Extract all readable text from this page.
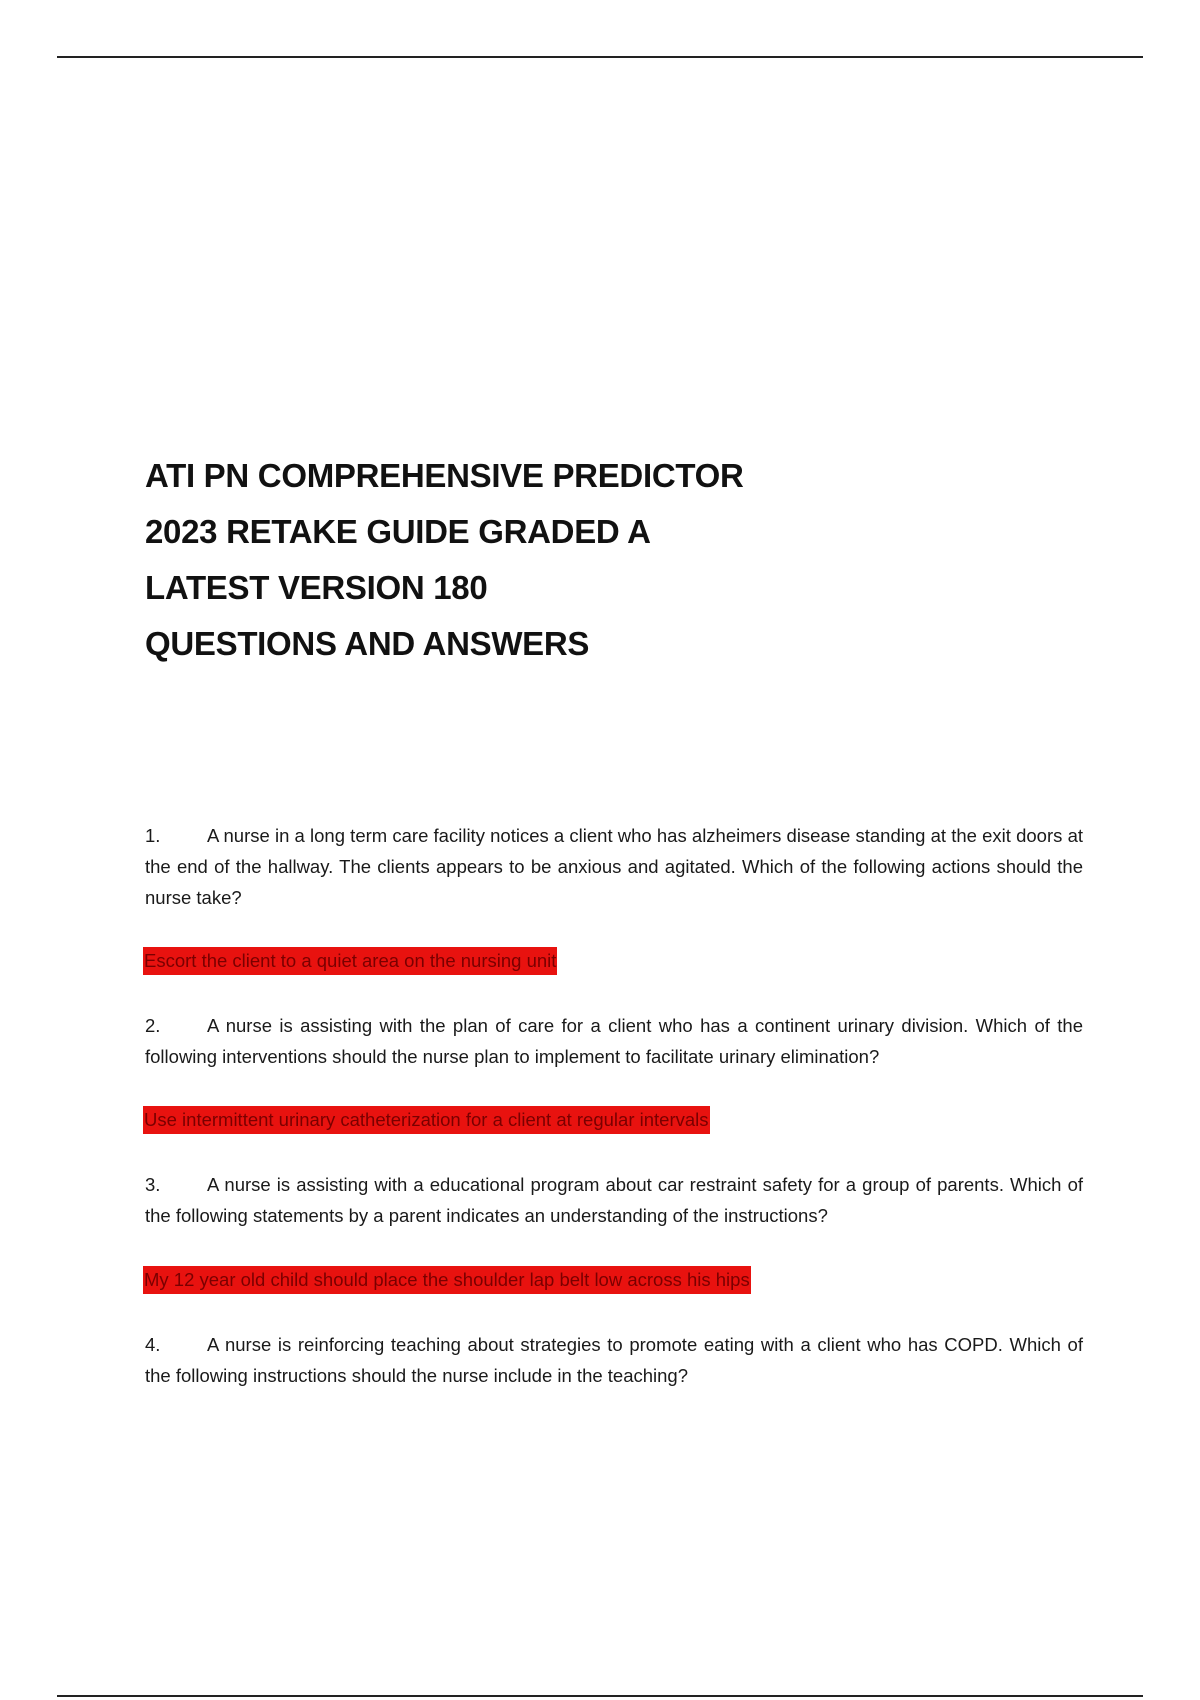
ATI PN COMPREHENSIVE PREDICTOR
2023 RETAKE GUIDE GRADED A
LATEST VERSION 180
QUESTIONS AND ANSWERS
1.	A nurse in a long term care facility notices a client who has alzheimers disease standing at the exit doors at the end of the hallway. The clients appears to be anxious and agitated. Which of the following actions should the nurse take?
Escort the client to a quiet area on the nursing unit
2.	A nurse is assisting with the plan of care for a client who has a continent urinary division. Which of the following interventions should the nurse plan to implement to facilitate urinary elimination?
Use intermittent urinary catheterization for a client at regular intervals
3.	A nurse is assisting with a educational program about car restraint safety for a group of parents. Which of the following statements by a parent indicates an understanding of the instructions?
My 12 year old child should place the shoulder lap belt low across his hips
4.	A nurse is reinforcing teaching about strategies to promote eating with a client who has COPD. Which of the following instructions should the nurse include in the teaching?
